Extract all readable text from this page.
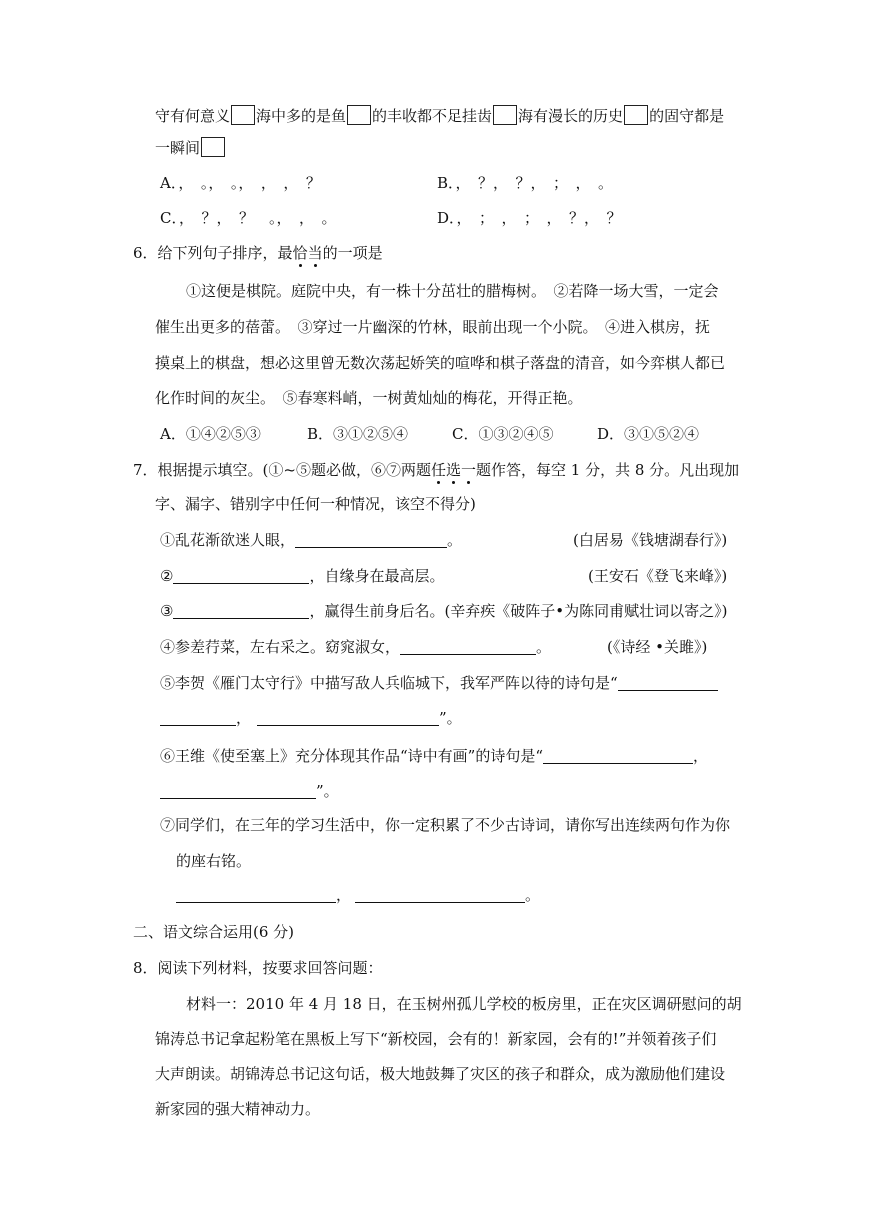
守有何意义 海中多的是鱼 的丰收都不足挂齿 海有漫长的历史 的固守都是
一瞬间
A．，　。，　。，　，　，　？	B．，　？，　？，　；　，　。
C．，　？，　？　。，　，　。	D．，　；　，　；　，　？，　？
6．给下列句子排序，最恰当的一项是
①这便是棋院。庭院中央，有一株十分茁壮的腊梅树。　②若降一场大雪，一定会
催生出更多的蓓蕾。　③穿过一片幽深的竹林，眼前出现一个小院。　④进入棋房，抚
摸桌上的棋盘，想必这里曾无数次荡起娇笑的喧哗和棋子落盘的清音，如今弈棋人都已
化作时间的灰尘。　⑤春寒料峭，一树黄灿灿的梅花，开得正艳。
A．①④②⑤③	B．③①②⑤④	C．①③②④⑤	D．③①⑤②④
7．根据提示填空。(①~⑤题必做，⑥⑦两题任选一题作答，每空 1 分，共 8 分。凡出现加
字、漏字、错别字中任何一种情况，该空不得分)
①乱花渐欲迷人眼，	。	(白居易《钱塘湖春行》)
②	，自缘身在最高层。	(王安石《登飞来峰》)
③	，赢得生前身后名。(辛弃疾《破阵子•为陈同甫赋壮词以寄之》)
④参差荇菜，左右采之。窈窕淑女，	。	(《诗经 •关雎》)
⑤李贺《雁门太守行》中描写敌人兵临城下，我军严阵以待的诗句是“
，	”。
⑥王维《使至塞上》充分体现其作品“诗中有画”的诗句是“	，
”。
⑦同学们，在三年的学习生活中，你一定积累了不少古诗词，请你写出连续两句作为你
的座右铭。
，	。
二、语文综合运用(6 分)
8．阅读下列材料，按要求回答问题：
材料一：2010 年 4 月 18 日，在玉树州孤儿学校的板房里，正在灾区调研慰问的胡
锦涛总书记拿起粉笔在黑板上写下“新校园，会有的！新家园，会有的!”并领着孩子们
大声朗读。胡锦涛总书记这句话，极大地鼓舞了灾区的孩子和群众，成为激励他们建设
新家园的强大精神动力。
